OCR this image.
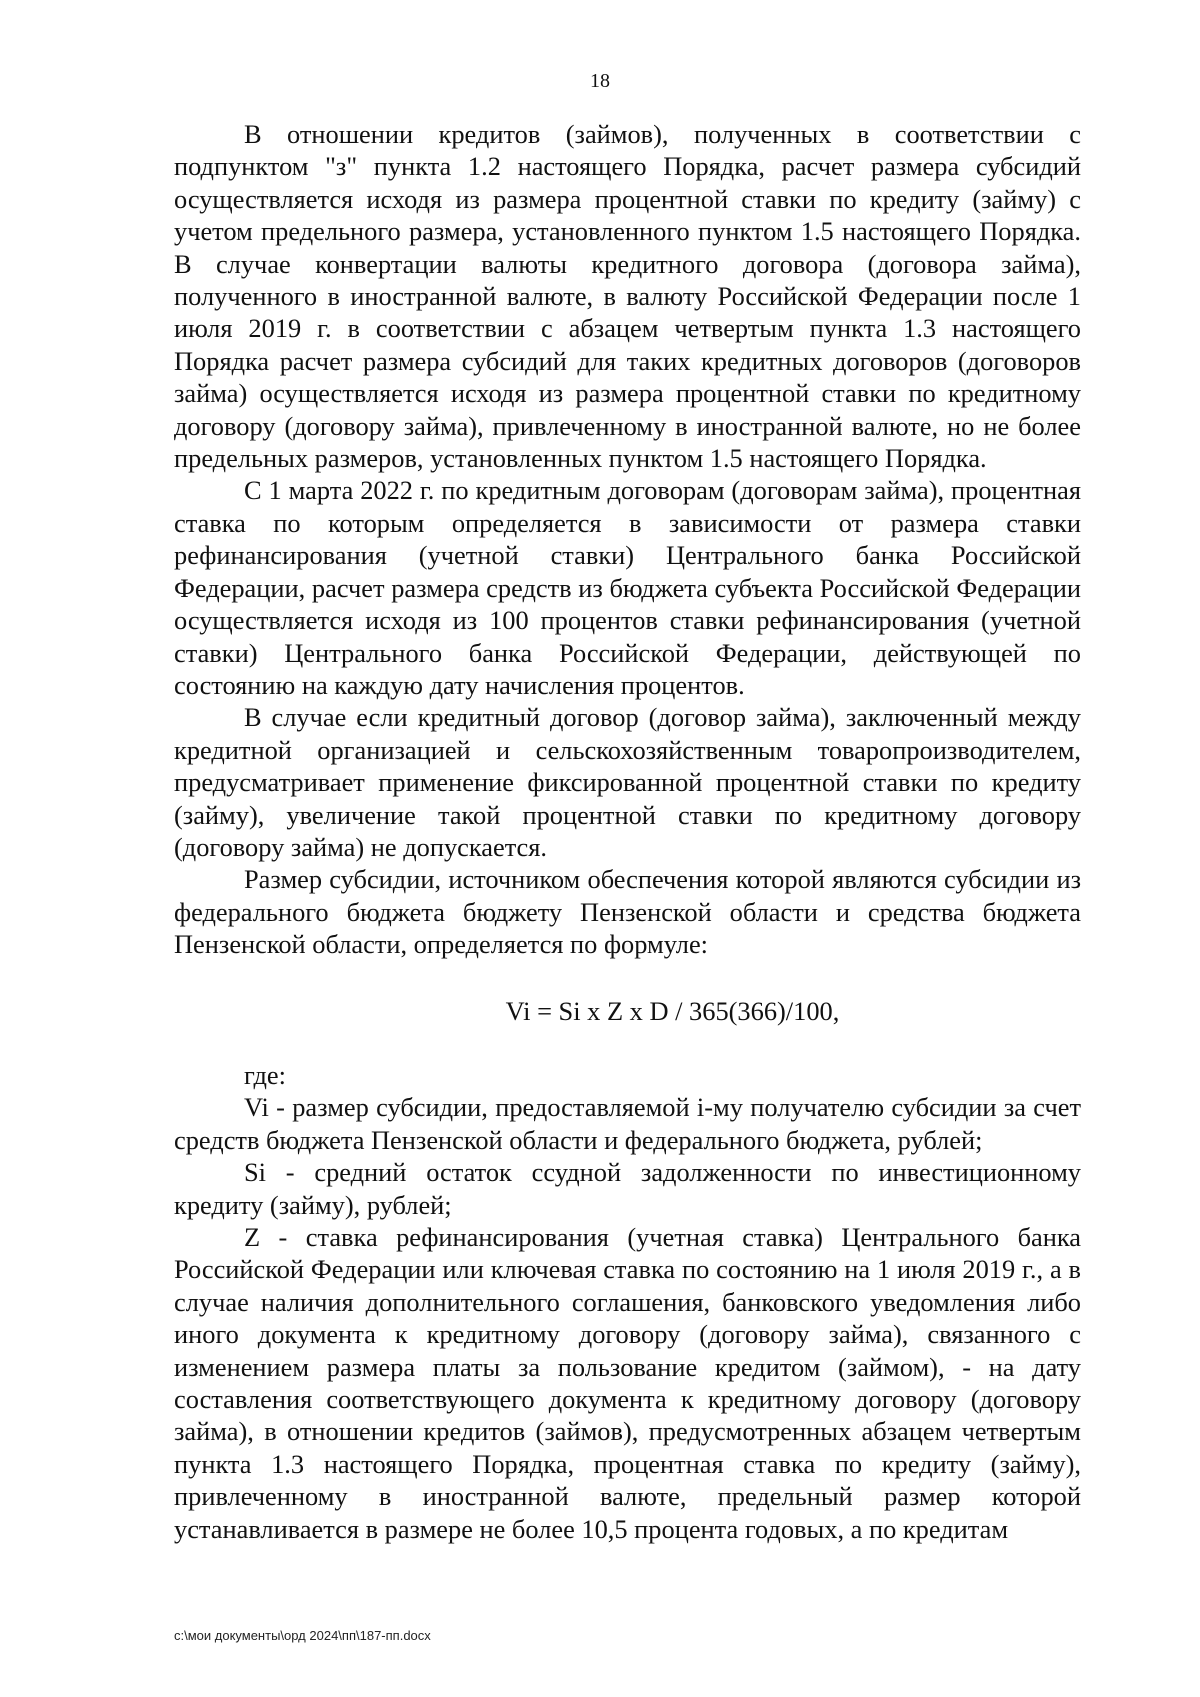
18

В отношении кредитов (займов), полученных в соответствии с подпунктом "з" пункта 1.2 настоящего Порядка, расчет размера субсидий осуществляется исходя из размера процентной ставки по кредиту (займу) с учетом предельного размера, установленного пунктом 1.5 настоящего Порядка. В случае конвертации валюты кредитного договора (договора займа), полученного в иностранной валюте, в валюту Российской Федерации после 1 июля 2019 г. в соответствии с абзацем четвертым пункта 1.3 настоящего Порядка расчет размера субсидий для таких кредитных договоров (договоров займа) осуществляется исходя из размера процентной ставки по кредитному договору (договору займа), привлеченному в иностранной валюте, но не более предельных размеров, установленных пунктом 1.5 настоящего Порядка.

С 1 марта 2022 г. по кредитным договорам (договорам займа), процентная ставка по которым определяется в зависимости от размера ставки рефинансирования (учетной ставки) Центрального банка Российской Федерации, расчет размера средств из бюджета субъекта Российской Федерации осуществляется исходя из 100 процентов ставки рефинансирования (учетной ставки) Центрального банка Российской Федерации, действующей по состоянию на каждую дату начисления процентов.

В случае если кредитный договор (договор займа), заключенный между кредитной организацией и сельскохозяйственным товаропроизводителем, предусматривает применение фиксированной процентной ставки по кредиту (займу), увеличение такой процентной ставки по кредитному договору (договору займа) не допускается.

Размер субсидии, источником обеспечения которой являются субсидии из федерального бюджета бюджету Пензенской области и средства бюджета Пензенской области, определяется по формуле:

Vi = Si x Z x D / 365(366)/100,

где:

Vi - размер субсидии, предоставляемой i-му получателю субсидии за счет средств бюджета Пензенской области и федерального бюджета, рублей;

Si - средний остаток ссудной задолженности по инвестиционному кредиту (займу), рублей;

Z - ставка рефинансирования (учетная ставка) Центрального банка Российской Федерации или ключевая ставка по состоянию на 1 июля 2019 г., а в случае наличия дополнительного соглашения, банковского уведомления либо иного документа к кредитному договору (договору займа), связанного с изменением размера платы за пользование кредитом (займом), - на дату составления соответствующего документа к кредитному договору (договору займа), в отношении кредитов (займов), предусмотренных абзацем четвертым пункта 1.3 настоящего Порядка, процентная ставка по кредиту (займу), привлеченному в иностранной валюте, предельный размер которой устанавливается в размере не более 10,5 процента годовых, а по кредитам

c:\мои документы\орд 2024\пп\187-пп.docx
